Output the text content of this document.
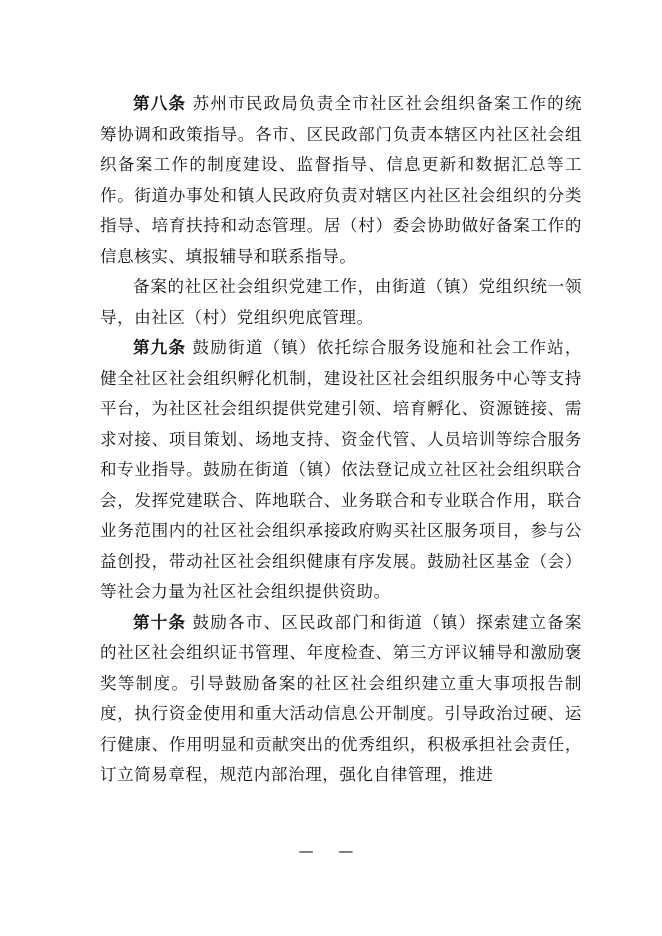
第八条 苏州市民政局负责全市社区社会组织备案工作的统筹协调和政策指导。各市、区民政部门负责本辖区内社区社会组织备案工作的制度建设、监督指导、信息更新和数据汇总等工作。街道办事处和镇人民政府负责对辖区内社区社会组织的分类指导、培育扶持和动态管理。居（村）委会协助做好备案工作的信息核实、填报辅导和联系指导。

备案的社区社会组织党建工作，由街道（镇）党组织统一领导，由社区（村）党组织兜底管理。

第九条 鼓励街道（镇）依托综合服务设施和社会工作站，健全社区社会组织孵化机制，建设社区社会组织服务中心等支持平台，为社区社会组织提供党建引领、培育孵化、资源链接、需求对接、项目策划、场地支持、资金代管、人员培训等综合服务和专业指导。鼓励在街道（镇）依法登记成立社区社会组织联合会，发挥党建联合、阵地联合、业务联合和专业联合作用，联合业务范围内的社区社会组织承接政府购买社区服务项目，参与公益创投，带动社区社会组织健康有序发展。鼓励社区基金（会）等社会力量为社区社会组织提供资助。

第十条 鼓励各市、区民政部门和街道（镇）探索建立备案的社区社会组织证书管理、年度检查、第三方评议辅导和激励褒奖等制度。引导鼓励备案的社区社会组织建立重大事项报告制度，执行资金使用和重大活动信息公开制度。引导政治过硬、运行健康、作用明显和贡献突出的优秀组织，积极承担社会责任，订立简易章程，规范内部治理，强化自律管理，推进

— —
